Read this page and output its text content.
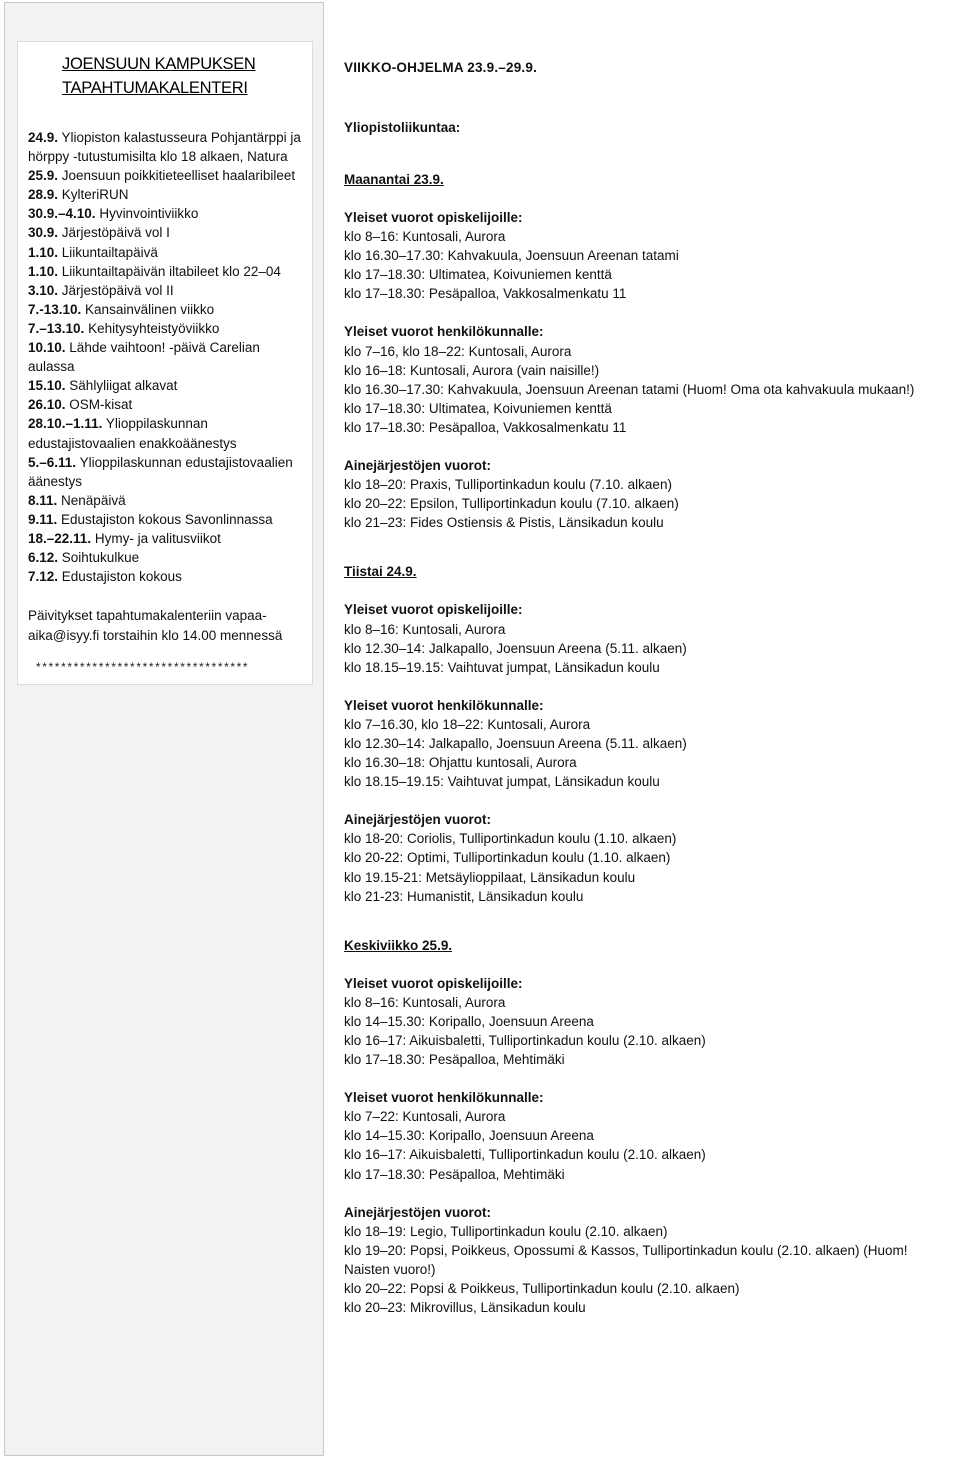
JOENSUUN KAMPUKSEN TAPAHTUMAKALENTERI
24.9. Yliopiston kalastusseura Pohjantärppi ja hörppy -tutustumisilta klo 18 alkaen, Natura
25.9. Joensuun poikkitieteelliset haalaribileet
28.9. KylteriRUN
30.9.–4.10. Hyvinvointiviikko
30.9. Järjestöpäivä vol I
1.10. Liikuntailtapäivä
1.10. Liikuntailtapäivän iltabileet klo 22–04
3.10. Järjestöpäivä vol II
7.-13.10. Kansainvälinen viikko
7.–13.10. Kehitysyhteistyöviikko
10.10. Lähde vaihtoon! -päivä Carelian aulassa
15.10. Sählyliigat alkavat
26.10. OSM-kisat
28.10.–1.11. Ylioppilaskunnan edustajistovaalien enakkoäänestys
5.–6.11. Ylioppilaskunnan edustajistovaalien äänestys
8.11. Nenäpäivä
9.11. Edustajiston kokous Savonlinnassa
18.–22.11. Hymy- ja valitusviikot
6.12. Soihtukulkue
7.12. Edustajiston kokous
Päivitykset tapahtumakalenteriin vapaa-aika@isyy.fi torstaihin klo 14.00 mennessä
**********************************
VIIKKO-OHJELMA 23.9.–29.9.
Yliopistoliikuntaa:
Maanantai 23.9.
Yleiset vuorot opiskelijoille:
klo 8–16: Kuntosali, Aurora
klo 16.30–17.30: Kahvakuula, Joensuun Areenan tatami
klo 17–18.30: Ultimatea, Koivuniemen kenttä
klo 17–18.30: Pesäpalloa, Vakkosalmenkatu 11
Yleiset vuorot henkilökunnalle:
klo 7–16, klo 18–22: Kuntosali, Aurora
klo 16–18: Kuntosali, Aurora (vain naisille!)
klo 16.30–17.30: Kahvakuula, Joensuun Areenan tatami (Huom! Oma ota kahvakuula mukaan!)
klo 17–18.30: Ultimatea, Koivuniemen kenttä
klo 17–18.30: Pesäpalloa, Vakkosalmenkatu 11
Ainejärjestöjen vuorot:
klo 18–20: Praxis, Tulliportinkadun koulu (7.10. alkaen)
klo 20–22: Epsilon, Tulliportinkadun koulu (7.10. alkaen)
klo 21–23: Fides Ostiensis & Pistis, Länsikadun koulu
Tiistai 24.9.
Yleiset vuorot opiskelijoille:
klo 8–16: Kuntosali, Aurora
klo 12.30–14: Jalkapallo, Joensuun Areena (5.11. alkaen)
klo 18.15–19.15: Vaihtuvat jumpat, Länsikadun koulu
Yleiset vuorot henkilökunnalle:
klo 7–16.30, klo 18–22: Kuntosali, Aurora
klo 12.30–14: Jalkapallo, Joensuun Areena (5.11. alkaen)
klo 16.30–18: Ohjattu kuntosali, Aurora
klo 18.15–19.15: Vaihtuvat jumpat, Länsikadun koulu
Ainejärjestöjen vuorot:
klo 18-20: Coriolis, Tulliportinkadun koulu (1.10. alkaen)
klo 20-22: Optimi, Tulliportinkadun koulu (1.10. alkaen)
klo 19.15-21: Metsäylioppilaat, Länsikadun koulu
klo 21-23: Humanistit, Länsikadun koulu
Keskiviikko 25.9.
Yleiset vuorot opiskelijoille:
klo 8–16: Kuntosali, Aurora
klo 14–15.30: Koripallo, Joensuun Areena
klo 16–17: Aikuisbaletti, Tulliportinkadun koulu (2.10. alkaen)
klo 17–18.30: Pesäpalloa, Mehtimäki
Yleiset vuorot henkilökunnalle:
klo 7–22: Kuntosali, Aurora
klo 14–15.30: Koripallo, Joensuun Areena
klo 16–17: Aikuisbaletti, Tulliportinkadun koulu (2.10. alkaen)
klo 17–18.30: Pesäpalloa, Mehtimäki
Ainejärjestöjen vuorot:
klo 18–19: Legio, Tulliportinkadun koulu (2.10. alkaen)
klo 19–20: Popsi, Poikkeus, Opossumi & Kassos, Tulliportinkadun koulu (2.10. alkaen) (Huom! Naisten vuoro!)
klo 20–22: Popsi & Poikkeus, Tulliportinkadun koulu (2.10. alkaen)
klo 20–23: Mikrovillus, Länsikadun koulu
